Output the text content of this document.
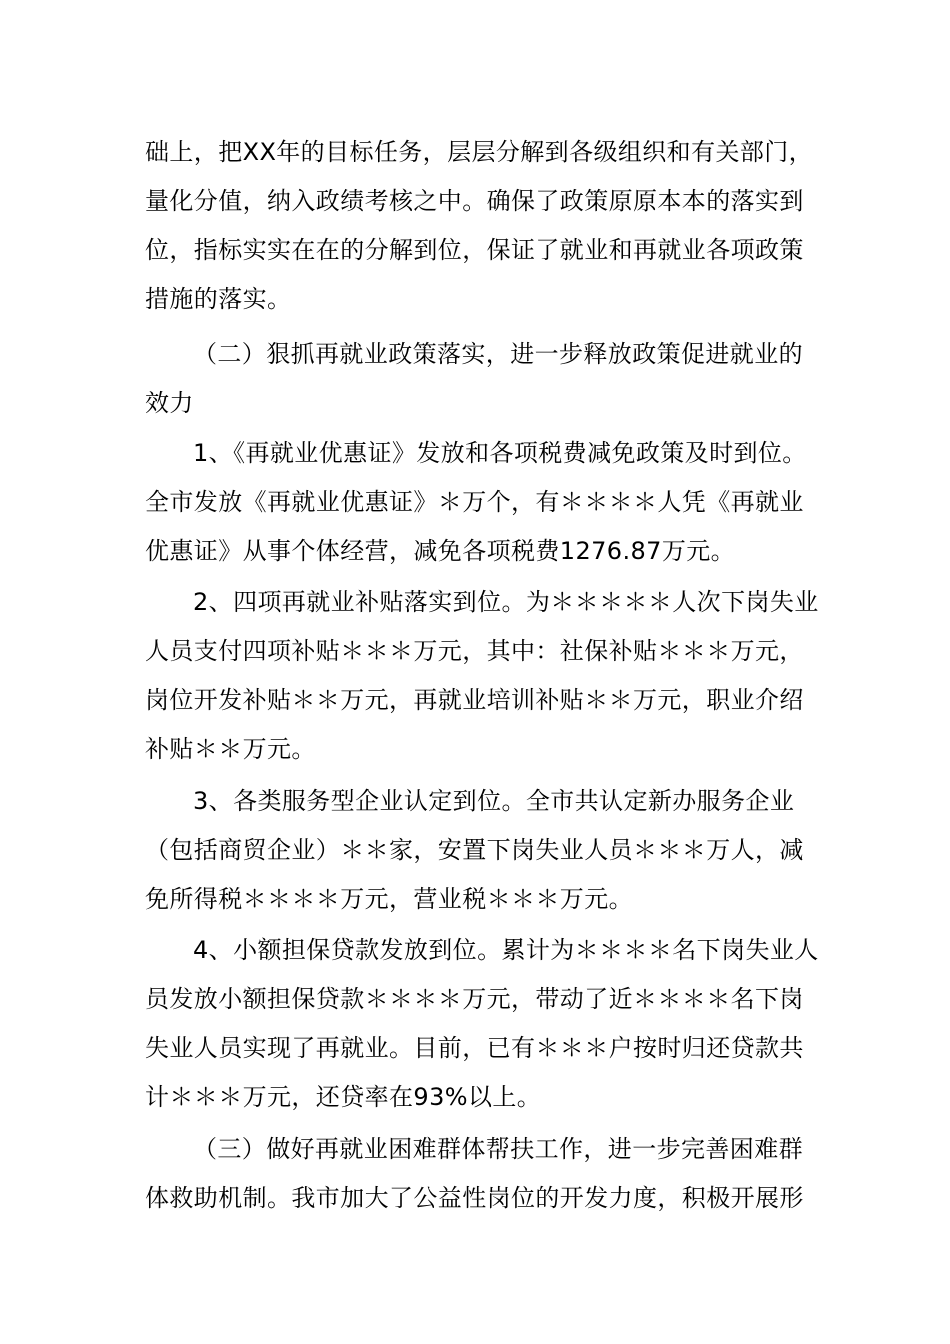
础上，把XX年的目标任务，层层分解到各级组织和有关部门，
量化分值，纳入政绩考核之中。确保了政策原原本本的落实到
位，指标实实在在的分解到位，保证了就业和再就业各项政策
措施的落实。
（二）狠抓再就业政策落实，进一步释放政策促进就业的
效力
1、《再就业优惠证》发放和各项税费减免政策及时到位。
全市发放《再就业优惠证》＊万个，有＊＊＊＊人凭《再就业
优惠证》从事个体经营，减免各项税费1276.87万元。
2、四项再就业补贴落实到位。为＊＊＊＊＊人次下岗失业
人员支付四项补贴＊＊＊万元，其中：社保补贴＊＊＊万元，
岗位开发补贴＊＊万元，再就业培训补贴＊＊万元，职业介绍
补贴＊＊万元。
3、各类服务型企业认定到位。全市共认定新办服务企业
（包括商贸企业）＊＊家，安置下岗失业人员＊＊＊万人，减
免所得税＊＊＊＊万元，营业税＊＊＊万元。
4、小额担保贷款发放到位。累计为＊＊＊＊名下岗失业人
员发放小额担保贷款＊＊＊＊万元，带动了近＊＊＊＊名下岗
失业人员实现了再就业。目前，已有＊＊＊户按时归还贷款共
计＊＊＊万元，还贷率在93%以上。
（三）做好再就业困难群体帮扶工作，进一步完善困难群
体救助机制。我市加大了公益性岗位的开发力度，积极开展形
